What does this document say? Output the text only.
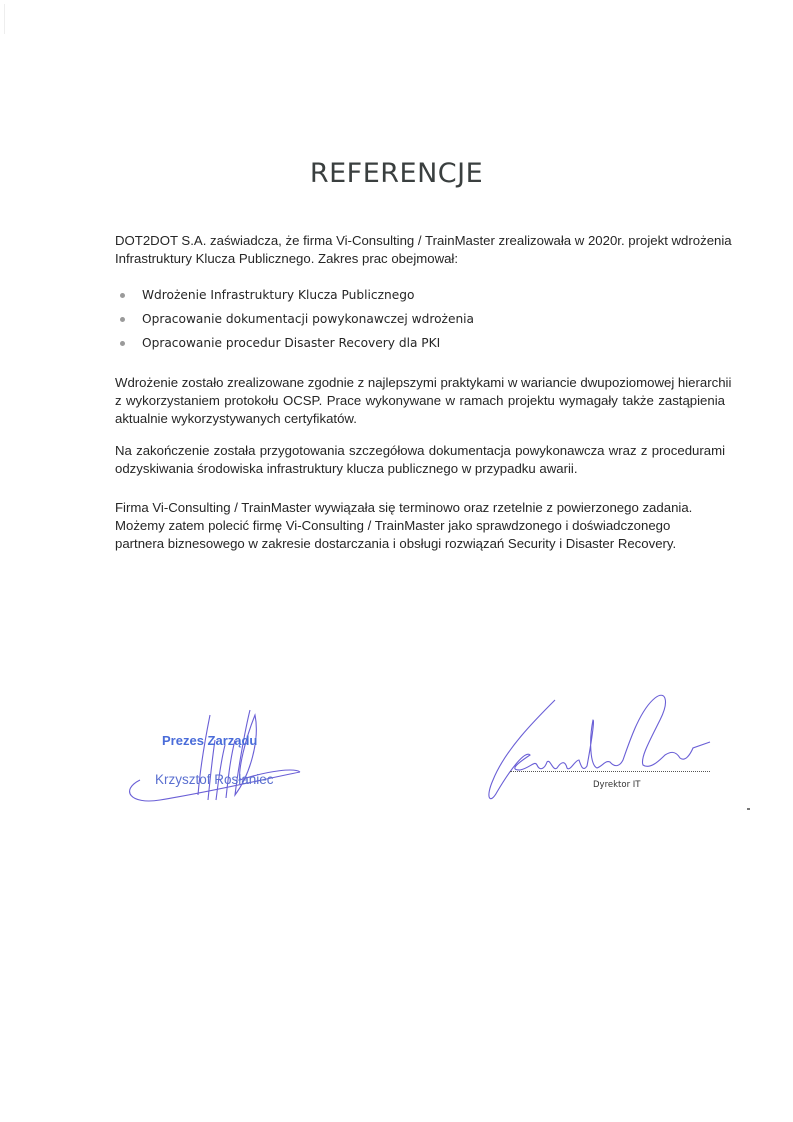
REFERENCJE
DOT2DOT S.A. zaświadcza, że firma Vi-Consulting / TrainMaster zrealizowała w 2020r. projekt wdrożenia
Infrastruktury Klucza Publicznego. Zakres prac obejmował:
Wdrożenie Infrastruktury Klucza Publicznego
Opracowanie dokumentacji powykonawczej wdrożenia
Opracowanie procedur Disaster Recovery dla PKI
Wdrożenie zostało zrealizowane zgodnie z najlepszymi praktykami w wariancie dwupoziomowej hierarchii
z wykorzystaniem protokołu OCSP. Prace wykonywane w ramach projektu wymagały także zastąpienia
aktualnie wykorzystywanych certyfikatów.
Na zakończenie została przygotowania szczegółowa dokumentacja powykonawcza wraz z procedurami
odzyskiwania środowiska infrastruktury klucza publicznego w przypadku awarii.
Firma Vi-Consulting / TrainMaster wywiązała się terminowo oraz rzetelnie z powierzonego zadania.
Możemy zatem polecić firmę Vi-Consulting / TrainMaster jako sprawdzonego i doświadczonego
partnera biznesowego w zakresie dostarczania i obsługi rozwiązań Security i Disaster Recovery.
Prezes Zarządu
Krzysztof Rosłaniec	Dyrektor IT
